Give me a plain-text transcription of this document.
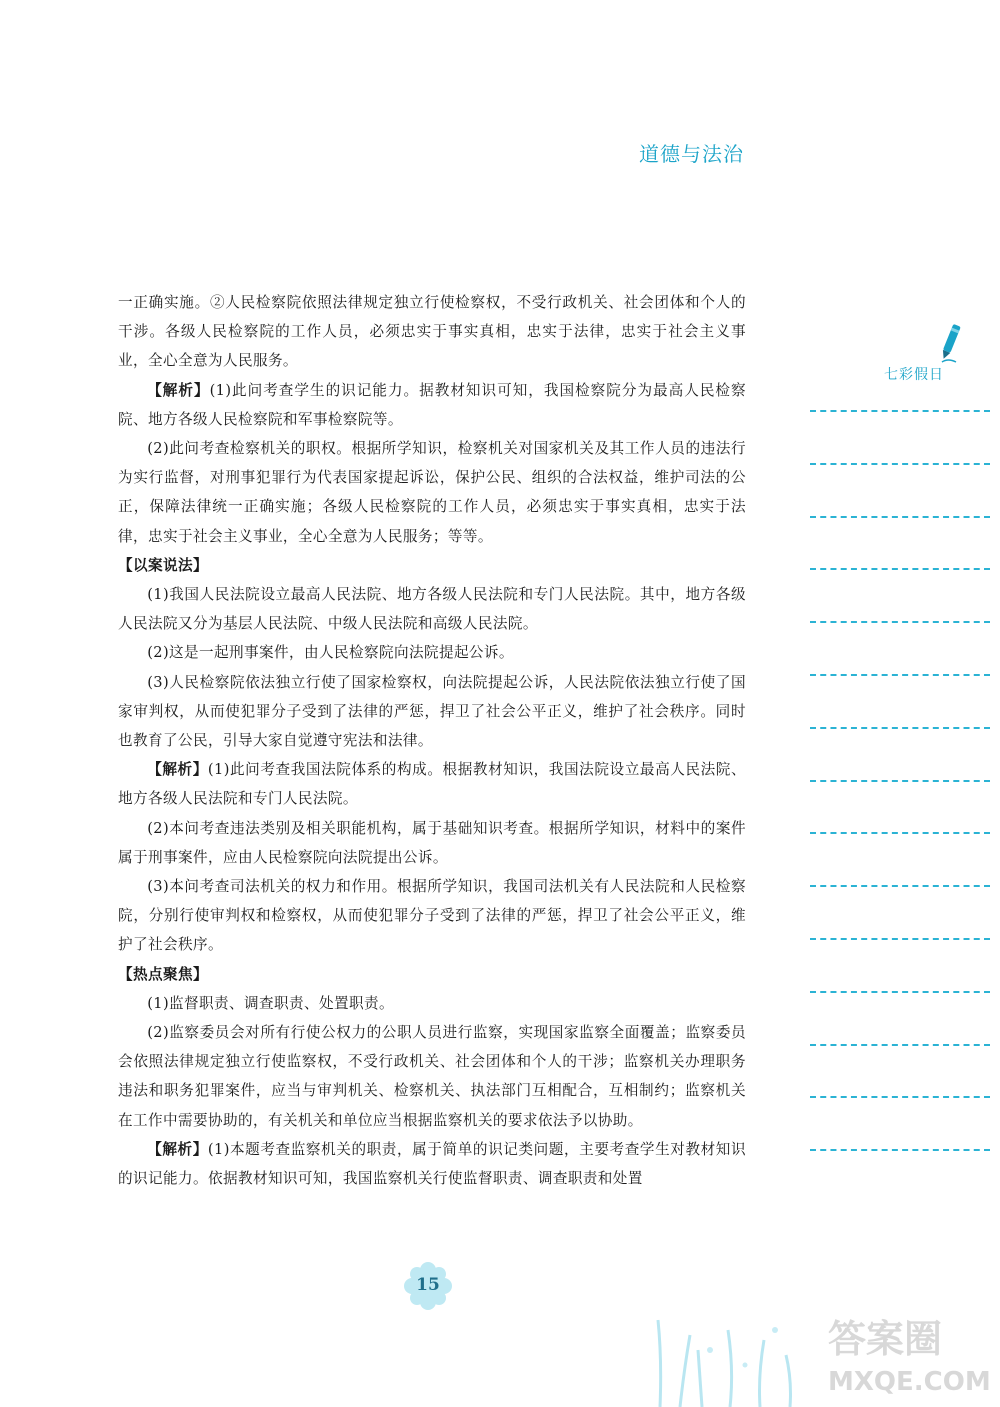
道德与法治

一正确实施。②人民检察院依照法律规定独立行使检察权，不受行政机关、社会团体和个人的干涉。各级人民检察院的工作人员，必须忠实于事实真相，忠实于法律，忠实于社会主义事业，全心全意为人民服务。

【解析】(1)此问考查学生的识记能力。据教材知识可知，我国检察院分为最高人民检察院、地方各级人民检察院和军事检察院等。

(2)此问考查检察机关的职权。根据所学知识，检察机关对国家机关及其工作人员的违法行为实行监督，对刑事犯罪行为代表国家提起诉讼，保护公民、组织的合法权益，维护司法的公正，保障法律统一正确实施；各级人民检察院的工作人员，必须忠实于事实真相，忠实于法律，忠实于社会主义事业，全心全意为人民服务；等等。

【以案说法】

(1)我国人民法院设立最高人民法院、地方各级人民法院和专门人民法院。其中，地方各级人民法院又分为基层人民法院、中级人民法院和高级人民法院。

(2)这是一起刑事案件，由人民检察院向法院提起公诉。

(3)人民检察院依法独立行使了国家检察权，向法院提起公诉，人民法院依法独立行使了国家审判权，从而使犯罪分子受到了法律的严惩，捍卫了社会公平正义，维护了社会秩序。同时也教育了公民，引导大家自觉遵守宪法和法律。

【解析】(1)此问考查我国法院体系的构成。根据教材知识，我国法院设立最高人民法院、地方各级人民法院和专门人民法院。

(2)本问考查违法类别及相关职能机构，属于基础知识考查。根据所学知识，材料中的案件属于刑事案件，应由人民检察院向法院提出公诉。

(3)本问考查司法机关的权力和作用。根据所学知识，我国司法机关有人民法院和人民检察院，分别行使审判权和检察权，从而使犯罪分子受到了法律的严惩，捍卫了社会公平正义，维护了社会秩序。

【热点聚焦】

(1)监督职责、调查职责、处置职责。

(2)监察委员会对所有行使公权力的公职人员进行监察，实现国家监察全面覆盖；监察委员会依照法律规定独立行使监察权，不受行政机关、社会团体和个人的干涉；监察机关办理职务违法和职务犯罪案件，应当与审判机关、检察机关、执法部门互相配合，互相制约；监察机关在工作中需要协助的，有关机关和单位应当根据监察机关的要求依法予以协助。

【解析】(1)本题考查监察机关的职责，属于简单的识记类问题，主要考查学生对教材知识的识记能力。依据教材知识可知，我国监察机关行使监督职责、调查职责和处置

七彩假日
15
答案圈
MXQE.COM
